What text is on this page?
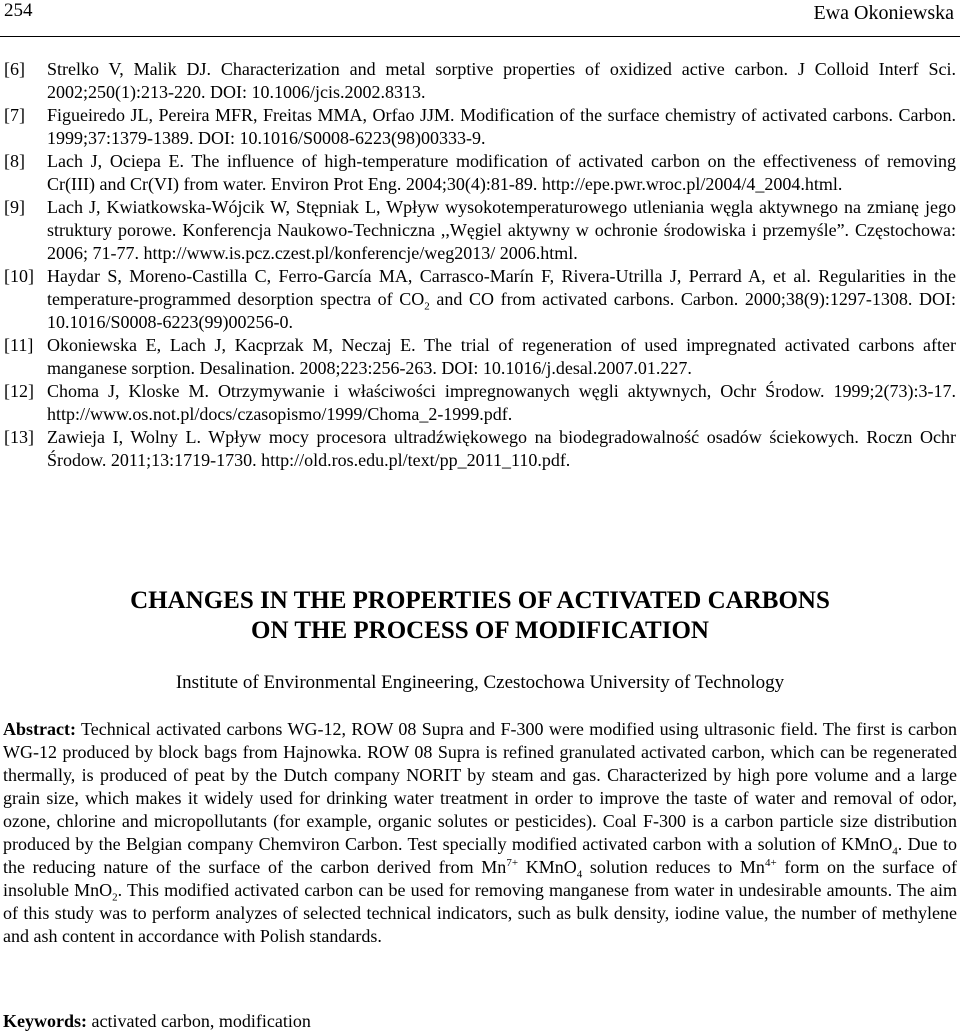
254	Ewa Okoniewska
[6] Strelko V, Malik DJ. Characterization and metal sorptive properties of oxidized active carbon. J Colloid Interf Sci. 2002;250(1):213-220. DOI: 10.1006/jcis.2002.8313.
[7] Figueiredo JL, Pereira MFR, Freitas MMA, Orfao JJM. Modification of the surface chemistry of activated carbons. Carbon. 1999;37:1379-1389. DOI: 10.1016/S0008-6223(98)00333-9.
[8] Lach J, Ociepa E. The influence of high-temperature modification of activated carbon on the effectiveness of removing Cr(III) and Cr(VI) from water. Environ Prot Eng. 2004;30(4):81-89. http://epe.pwr.wroc.pl/2004/4_2004.html.
[9] Lach J, Kwiatkowska-Wójcik W, Stępniak L, Wpływ wysokotemperaturowego utleniania węgla aktywnego na zmianę jego struktury porowe. Konferencja Naukowo-Techniczna ,,Węgiel aktywny w ochronie środowiska i przemyśle”. Częstochowa: 2006; 71-77. http://www.is.pcz.czest.pl/konferencje/weg2013/ 2006.html.
[10] Haydar S, Moreno-Castilla C, Ferro-García MA, Carrasco-Marín F, Rivera-Utrilla J, Perrard A, et al. Regularities in the temperature-programmed desorption spectra of $CO_2$ and CO from activated carbons. Carbon. 2000;38(9):1297-1308. DOI: 10.1016/S0008-6223(99)00256-0.
[11] Okoniewska E, Lach J, Kacprzak M, Neczaj E. The trial of regeneration of used impregnated activated carbons after manganese sorption. Desalination. 2008;223:256-263. DOI: 10.1016/j.desal.2007.01.227.
[12] Choma J, Kloske M. Otrzymywanie i właściwości impregnowanych węgli aktywnych, Ochr Środow. 1999;2(73):3-17. http://www.os.not.pl/docs/czasopismo/1999/Choma_2-1999.pdf.
[13] Zawieja I, Wolny L. Wpływ mocy procesora ultradźwiękowego na biodegradowalność osadów ściekowych. Roczn Ochr Środow. 2011;13:1719-1730. http://old.ros.edu.pl/text/pp_2011_110.pdf.
CHANGES IN THE PROPERTIES OF ACTIVATED CARBONS
ON THE PROCESS OF MODIFICATION
Institute of Environmental Engineering, Czestochowa University of Technology
Abstract: Technical activated carbons WG-12, ROW 08 Supra and F-300 were modified using ultrasonic field. The first is carbon WG-12 produced by block bags from Hajnowka. ROW 08 Supra is refined granulated activated carbon, which can be regenerated thermally, is produced of peat by the Dutch company NORIT by steam and gas. Characterized by high pore volume and a large grain size, which makes it widely used for drinking water treatment in order to improve the taste of water and removal of odor, ozone, chlorine and micropollutants (for example, organic solutes or pesticides). Coal F-300 is a carbon particle size distribution produced by the Belgian company Chemviron Carbon. Test specially modified activated carbon with a solution of KMnO$_4$. Due to the reducing nature of the surface of the carbon derived from $Mn^{7+}$ KMnO$_4$ solution reduces to $Mn^{4+}$ form on the surface of insoluble MnO$_2$. This modified activated carbon can be used for removing manganese from water in undesirable amounts. The aim of this study was to perform analyzes of selected technical indicators, such as bulk density, iodine value, the number of methylene and ash content in accordance with Polish standards.
Keywords: activated carbon, modification
